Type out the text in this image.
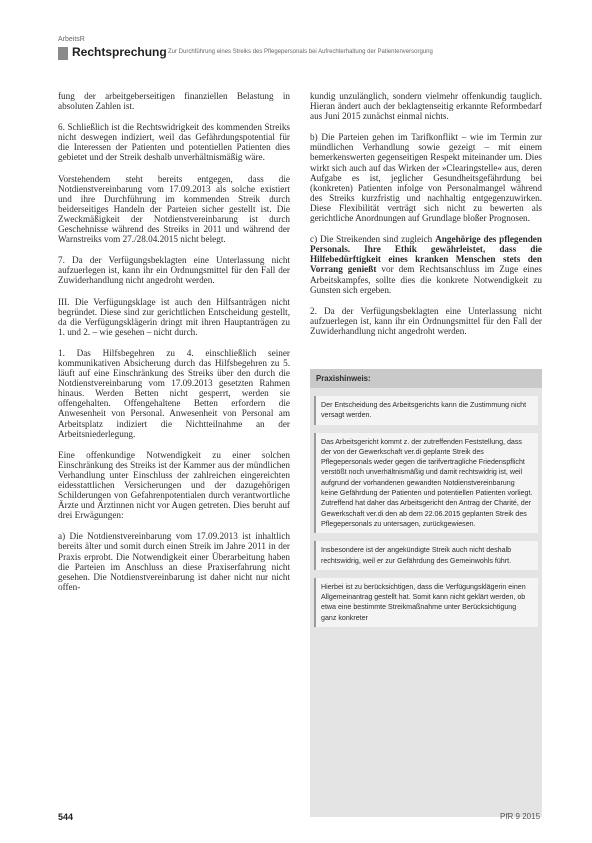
ArbeitsR
Rechtsprechung Zur Durchführung eines Streiks des Pflegepersonals bei Aufrechterhaltung der Patientenversorgung

fung der arbeitgeberseitigen finanziellen Belastung in absoluten Zahlen ist.

6. Schließlich ist die Rechtswidrigkeit des kommenden Streiks nicht deswegen indiziert, weil das Gefährdungspotential für die Interessen der Patienten und potentiellen Patienten dies gebietet und der Streik deshalb unverhältnismäßig wäre.

Vorstehendem steht bereits entgegen, dass die Notdienstvereinbarung vom 17.09.2013 als solche existiert und ihre Durchführung im kommenden Streik durch beiderseitiges Handeln der Parteien sicher gestellt ist. Die Zweckmäßigkeit der Notdienstvereinbarung ist durch Geschehnisse während des Streiks in 2011 und während der Warnstreiks vom 27./28.04.2015 nicht belegt.

7. Da der Verfügungsbeklagten eine Unterlassung nicht aufzuerlegen ist, kann ihr ein Ordnungsmittel für den Fall der Zuwiderhandlung nicht angedroht werden.

III. Die Verfügungsklage ist auch den Hilfsanträgen nicht begründet. Diese sind zur gerichtlichen Entscheidung gestellt, da die Verfügungsklägerin dringt mit ihren Hauptanträgen zu 1. und 2. – wie gesehen – nicht durch.

1. Das Hilfsbegehren zu 4. einschließlich seiner kommunikativen Absicherung durch das Hilfsbegehren zu 5. läuft auf eine Einschränkung des Streiks über den durch die Notdienstvereinbarung vom 17.09.2013 gesetzten Rahmen hinaus. Werden Betten nicht gesperrt, werden sie offengehalten. Offengehaltene Betten erfordern die Anwesenheit von Personal. Anwesenheit von Personal am Arbeitsplatz indiziert die Nichtteilnahme an der Arbeitsniederlegung.

Eine offenkundige Notwendigkeit zu einer solchen Einschränkung des Streiks ist der Kammer aus der mündlichen Verhandlung unter Einschluss der zahlreichen eingereichten eidesstattlichen Versicherungen und der dazugehörigen Schilderungen von Gefahrenpotentialen durch verantwortliche Ärzte und Ärztinnen nicht vor Augen getreten. Dies beruht auf drei Erwägungen:

a) Die Notdienstvereinbarung vom 17.09.2013 ist inhaltlich bereits älter und somit durch einen Streik im Jahre 2011 in der Praxis erprobt. Die Notwendigkeit einer Überarbeitung haben die Parteien im Anschluss an diese Praxiserfahrung nicht gesehen. Die Notdienstvereinbarung ist daher nicht nur nicht offen-

kundig unzulänglich, sondern vielmehr offenkundig tauglich. Hieran ändert auch der beklagtenseitig erkannte Reformbedarf aus Juni 2015 zunächst einmal nichts.

b) Die Parteien gehen im Tarifkonflikt – wie im Termin zur mündlichen Verhandlung sowie gezeigt – mit einem bemerkenswerten gegenseitigen Respekt miteinander um. Dies wirkt sich auch auf das Wirken der »Clearingstelle« aus, deren Aufgabe es ist, jeglicher Gesundheitsgefährdung bei (konkreten) Patienten infolge von Personalmangel während des Streiks kurzfristig und nachhaltig entgegenzuwirken. Diese Flexibilität verträgt sich nicht zu bewerten als gerichtliche Anordnungen auf Grundlage bloßer Prognosen.

c) Die Streikenden sind zugleich Angehörige des pflegenden Personals. Ihre Ethik gewährleistet, dass die Hilfebedürftigkeit eines kranken Menschen stets den Vorrang genießt vor dem Rechtsanschluss im Zuge eines Arbeitskampfes, sollte dies die konkrete Notwendigkeit zu Gunsten sich ergeben.

2. Da der Verfügungsbeklagten eine Unterlassung nicht aufzuerlegen ist, kann ihr ein Ordnungsmittel für den Fall der Zuwiderhandlung nicht angedroht werden.

Praxishinweis:
Der Entscheidung des Arbeitsgerichts kann die Zustimmung nicht versagt werden.
Das Arbeitsgericht kommt z. der zutreffenden Feststellung, dass der von der Gewerkschaft ver.di geplante Streik des Pflegepersonals weder gegen die tarifvertragliche Friedenspflicht verstößt noch unverhältnismäßig und damit rechtswidrig ist, weil aufgrund der vorhandenen gewandten Notdienstvereinbarung keine Gefährdung der Patienten und potentiellen Patienten vorliegt. Zutreffend hat daher das Arbeitsgericht den Antrag der Charité, der Gewerkschaft ver.di den ab dem 22.06.2015 geplanten Streik des Pflegepersonals zu untersagen, zurückgewiesen.
Insbesondere ist der angekündigte Streik auch nicht deshalb rechtswidrig, weil er zur Gefährdung des Gemeinwohls führt.
Hierbei ist zu berücksichtigen, dass die Verfügungsklägerin einen Allgemeinantrag gestellt hat. Somit kann nicht geklärt werden, ob etwa eine bestimmte Streikmaßnahme unter Berücksichtigung ganz konkreter
544	PfR 9 2015
